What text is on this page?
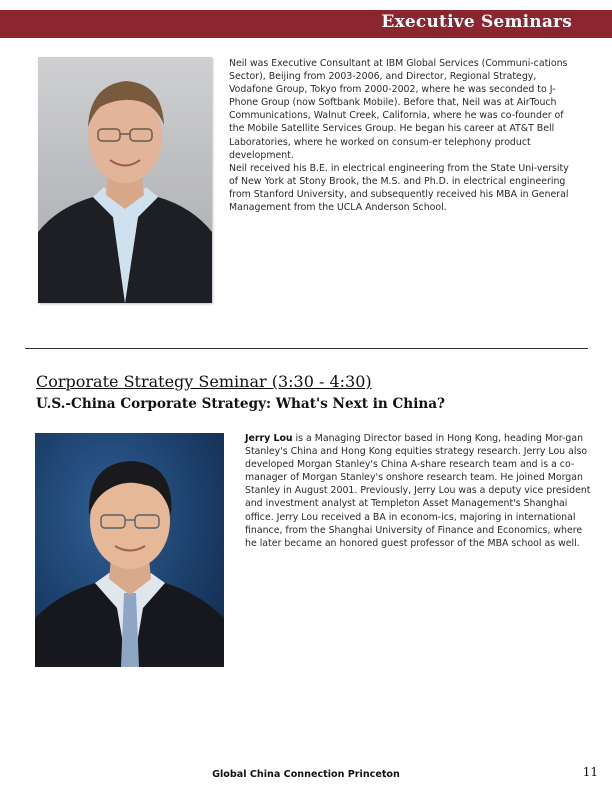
Executive Seminars

Neil was Executive Consultant at IBM Global Services (Communi-cations Sector), Beijing from 2003-2006, and Director, Regional Strategy, Vodafone Group, Tokyo from 2000-2002, where he was seconded to J-Phone Group (now Softbank Mobile). Before that, Neil was at AirTouch Communications, Walnut Creek, California, where he was co-founder of the Mobile Satellite Services Group. He began his career at AT&T Bell Laboratories, where he worked on consum-er telephony product development.

Neil received his B.E. in electrical engineering from the State Uni-versity of New York at Stony Brook, the M.S. and Ph.D. in electrical engineering from Stanford University, and subsequently received his MBA in General Management from the UCLA Anderson School.

Corporate Strategy Seminar (3:30 - 4:30)
U.S.-China Corporate Strategy: What's Next in China?

Jerry Lou is a Managing Director based in Hong Kong, heading Mor-gan Stanley's China and Hong Kong equities strategy research. Jerry Lou also developed Morgan Stanley's China A-share research team and is a co-manager of Morgan Stanley's onshore research team. He joined Morgan Stanley in August 2001. Previously, Jerry Lou was a deputy vice president and investment analyst at Templeton Asset Management's Shanghai office. Jerry Lou received a BA in econom-ics, majoring in international finance, from the Shanghai University of Finance and Economics, where he later became an honored guest professor of the MBA school as well.

Global China Connection Princeton	11
